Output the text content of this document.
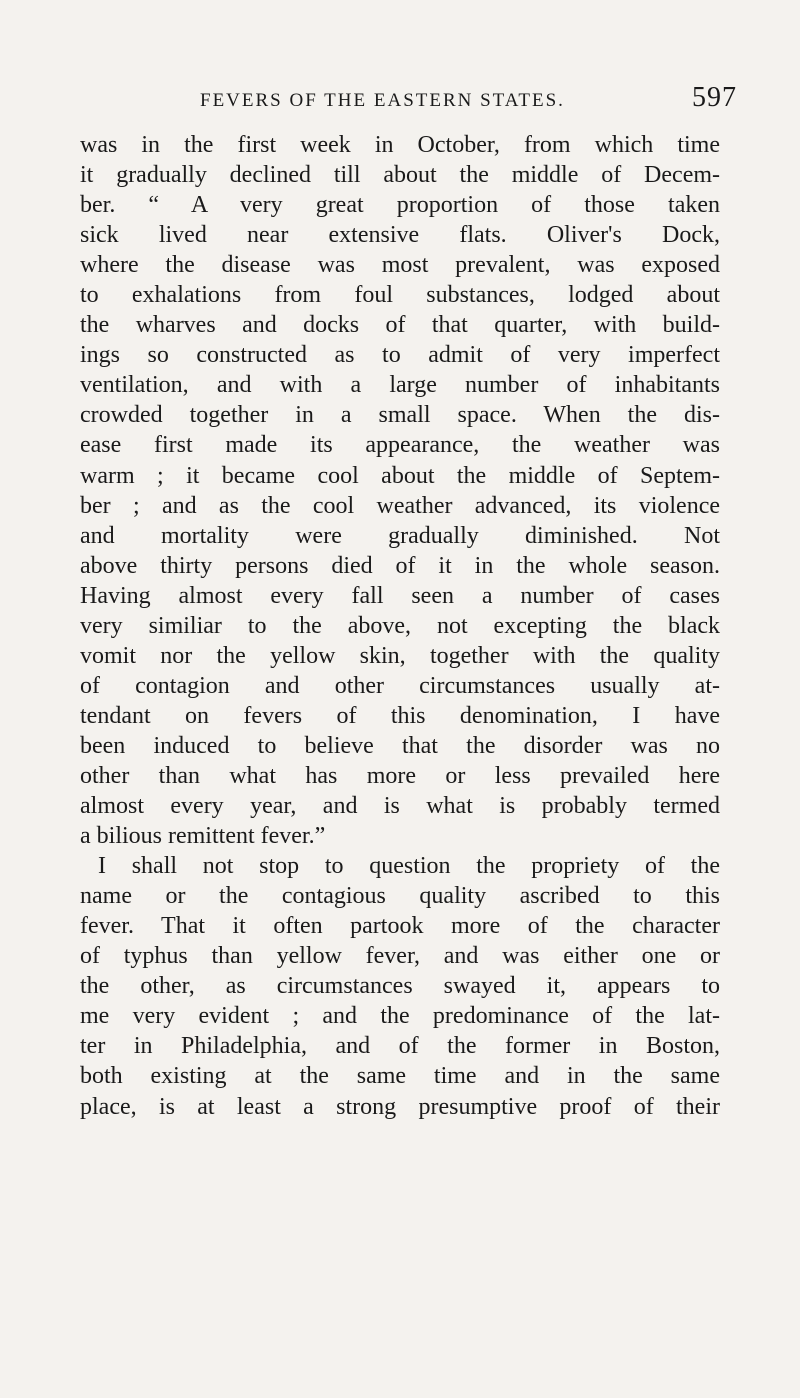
FEVERS OF THE EASTERN STATES.	597
was in the first week in October, from which time
it gradually declined till about the middle of Decem-
ber. “ A very great proportion of those taken
sick lived near extensive flats. Oliver's Dock,
where the disease was most prevalent, was exposed
to exhalations from foul substances, lodged about
the wharves and docks of that quarter, with build-
ings so constructed as to admit of very imperfect
ventilation, and with a large number of inhabitants
crowded together in a small space. When the dis-
ease first made its appearance, the weather was
warm ; it became cool about the middle of Septem-
ber ; and as the cool weather advanced, its violence
and mortality were gradually diminished. Not
above thirty persons died of it in the whole season.
Having almost every fall seen a number of cases
very similiar to the above, not excepting the black
vomit nor the yellow skin, together with the quality
of contagion and other circumstances usually at-
tendant on fevers of this denomination, I have
been induced to believe that the disorder was no
other than what has more or less prevailed here
almost every year, and is what is probably termed
a bilious remittent fever.”
I shall not stop to question the propriety of the
name or the contagious quality ascribed to this
fever. That it often partook more of the character
of typhus than yellow fever, and was either one or
the other, as circumstances swayed it, appears to
me very evident ; and the predominance of the lat-
ter in Philadelphia, and of the former in Boston,
both existing at the same time and in the same
place, is at least a strong presumptive proof of their
